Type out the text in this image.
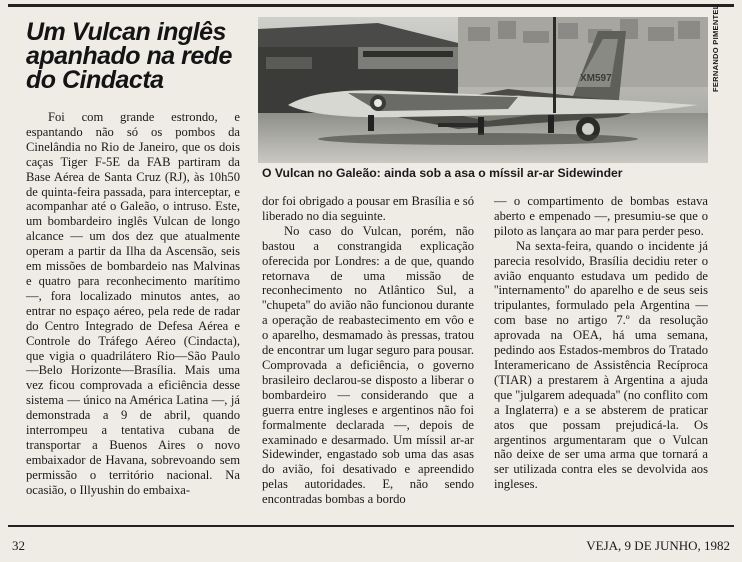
Um Vulcan inglês apanhado na rede do Cindacta

Foi com grande estrondo, e espantando não só os pombos da Cinelândia no Rio de Janeiro, que os dois caças Tiger F-5E da FAB partiram da Base Aérea de Santa Cruz (RJ), às 10h50 de quinta-feira passada, para interceptar, e acompanhar até o Galeão, o intruso. Este, um bombardeiro inglês Vulcan de longo alcance — um dos dez que atualmente operam a partir da Ilha da Ascensão, seis em missões de bombardeio nas Malvinas e quatro para reconhecimento marítimo —, fora localizado minutos antes, ao entrar no espaço aéreo, pela rede de radar do Centro Integrado de Defesa Aérea e Controle do Tráfego Aéreo (Cindacta), que vigia o quadrilátero Rio—São Paulo—Belo Horizonte—Brasília. Mais uma vez ficou comprovada a eficiência desse sistema — único na América Latina —, já demonstrada a 9 de abril, quando interrompeu a tentativa cubana de transportar a Buenos Aires o novo embaixador de Havana, sobrevoando sem permissão o território nacional. Na ocasião, o Illyushin do embaixa-

XM597	FERNANDO PIMENTEL
O Vulcan no Galeão: ainda sob a asa o míssil ar-ar Sidewinder

dor foi obrigado a pousar em Brasília e só liberado no dia seguinte.

No caso do Vulcan, porém, não bastou a constrangida explicação oferecida por Londres: a de que, quando retornava de uma missão de reconhecimento no Atlântico Sul, a ''chupeta'' do avião não funcionou durante a operação de reabastecimento em vôo e o aparelho, desmamado às pressas, tratou de encontrar um lugar seguro para pousar. Comprovada a deficiência, o governo brasileiro declarou-se disposto a liberar o bombardeiro — considerando que a guerra entre ingleses e argentinos não foi formalmente declarada —, depois de examinado e desarmado. Um míssil ar-ar Sidewinder, engastado sob uma das asas do avião, foi desativado e apreendido pelas autoridades. E, não sendo encontradas bombas a bordo

— o compartimento de bombas estava aberto e empenado —, presumiu-se que o piloto as lançara ao mar para perder peso.

Na sexta-feira, quando o incidente já parecia resolvido, Brasília decidiu reter o avião enquanto estudava um pedido de ''internamento'' do aparelho e de seus seis tripulantes, formulado pela Argentina — com base no artigo 7.º da resolução aprovada na OEA, há uma semana, pedindo aos Estados-membros do Tratado Interamericano de Assistência Recíproca (TIAR) a prestarem à Argentina a ajuda que ''julgarem adequada'' (no conflito com a Inglaterra) e a se absterem de praticar atos que possam prejudicá-la. Os argentinos argumentaram que o Vulcan não deixe de ser uma arma que tornará a ser utilizada contra eles se devolvida aos ingleses.

32	VEJA, 9 DE JUNHO, 1982
